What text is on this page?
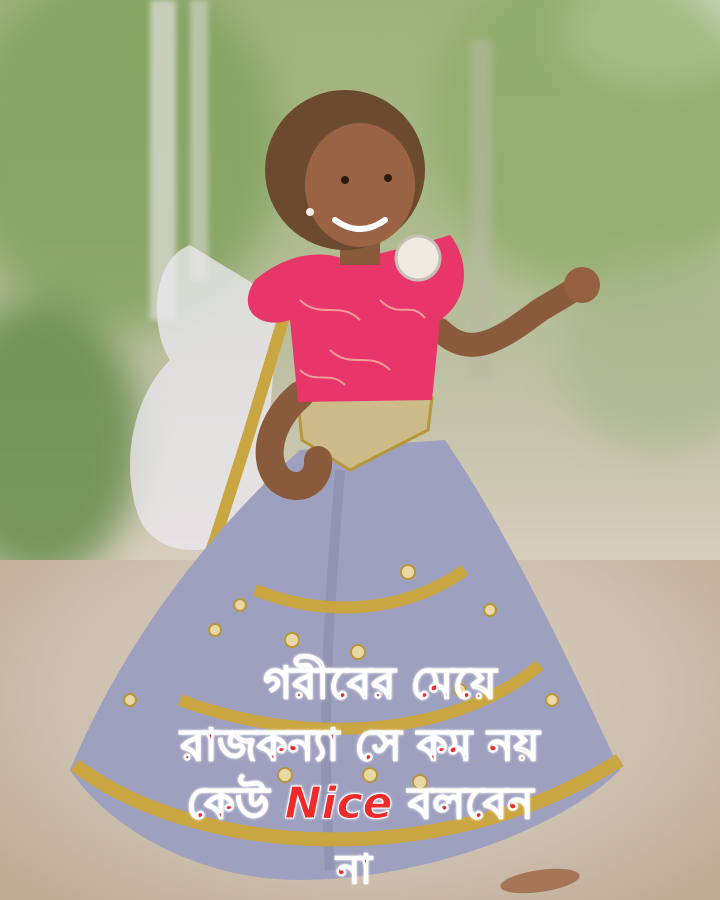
গরীবের মেয়ে
রাজকন্যা সে কম নয়
কেউ Nice বলবেন
না
